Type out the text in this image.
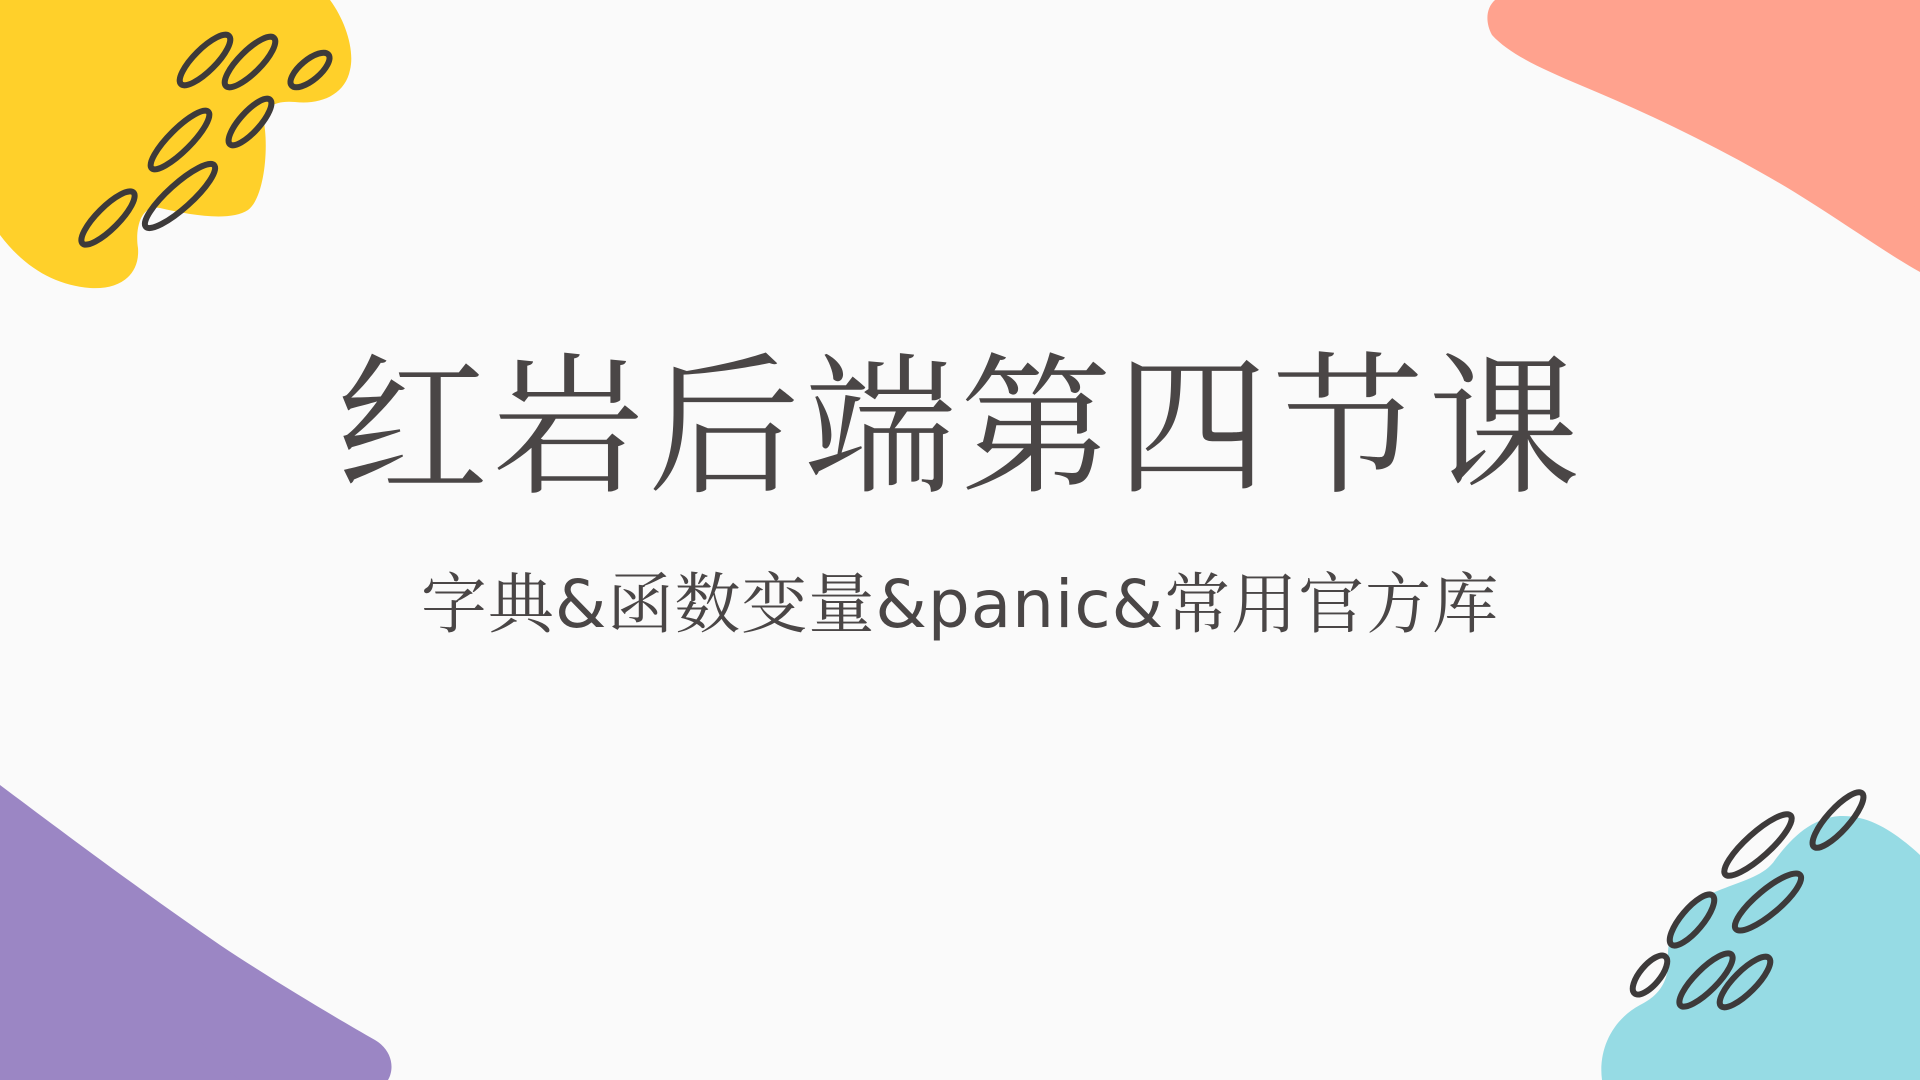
红岩后端第四节课
字典&函数变量&panic&常用官方库
